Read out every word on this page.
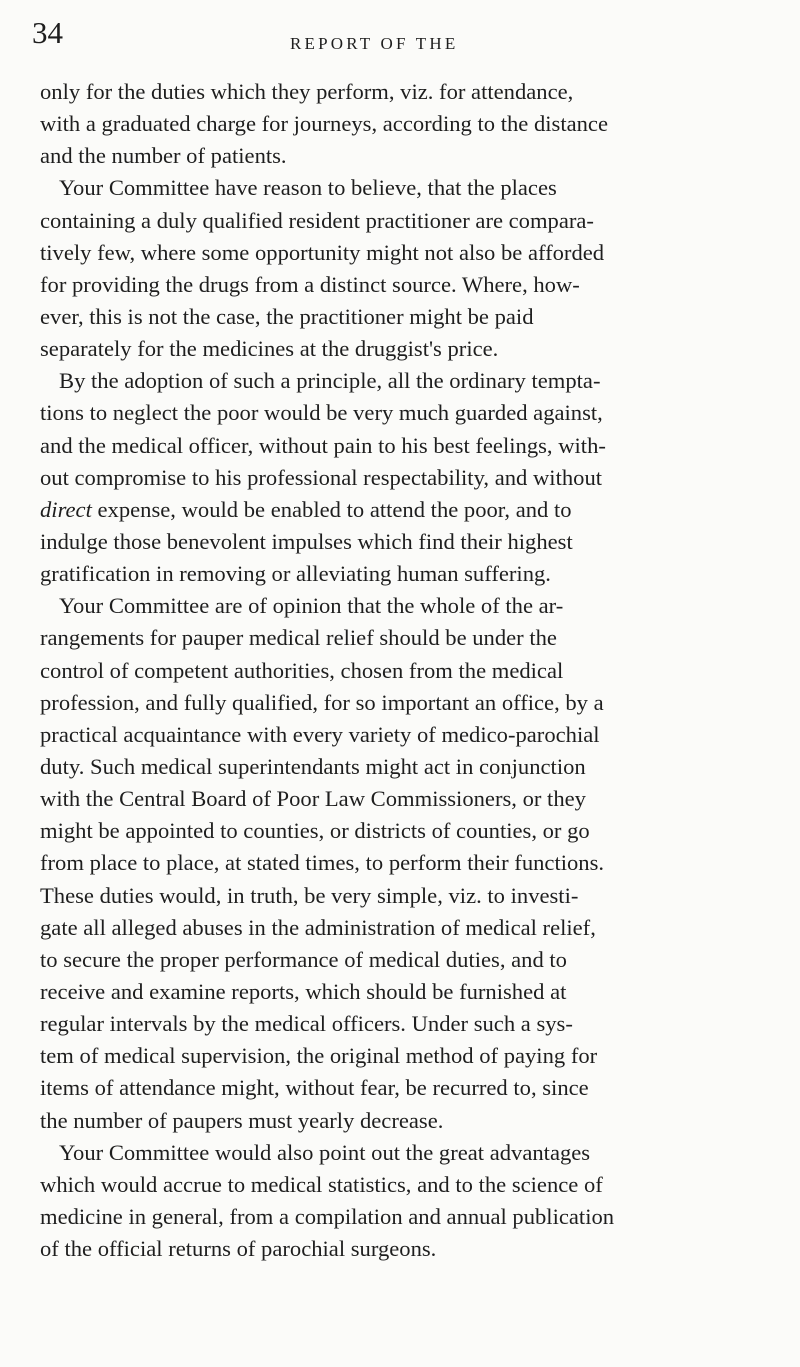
34	REPORT OF THE
only for the duties which they perform, viz. for attendance,
with a graduated charge for journeys, according to the distance
and the number of patients.
Your Committee have reason to believe, that the places
containing a duly qualified resident practitioner are compara-
tively few, where some opportunity might not also be afforded
for providing the drugs from a distinct source. Where, how-
ever, this is not the case, the practitioner might be paid
separately for the medicines at the druggist's price.
By the adoption of such a principle, all the ordinary tempta-
tions to neglect the poor would be very much guarded against,
and the medical officer, without pain to his best feelings, with-
out compromise to his professional respectability, and without
direct expense, would be enabled to attend the poor, and to
indulge those benevolent impulses which find their highest
gratification in removing or alleviating human suffering.
Your Committee are of opinion that the whole of the ar-
rangements for pauper medical relief should be under the
control of competent authorities, chosen from the medical
profession, and fully qualified, for so important an office, by a
practical acquaintance with every variety of medico-parochial
duty. Such medical superintendants might act in conjunction
with the Central Board of Poor Law Commissioners, or they
might be appointed to counties, or districts of counties, or go
from place to place, at stated times, to perform their functions.
These duties would, in truth, be very simple, viz. to investi-
gate all alleged abuses in the administration of medical relief,
to secure the proper performance of medical duties, and to
receive and examine reports, which should be furnished at
regular intervals by the medical officers. Under such a sys-
tem of medical supervision, the original method of paying for
items of attendance might, without fear, be recurred to, since
the number of paupers must yearly decrease.
Your Committee would also point out the great advantages
which would accrue to medical statistics, and to the science of
medicine in general, from a compilation and annual publication
of the official returns of parochial surgeons.
